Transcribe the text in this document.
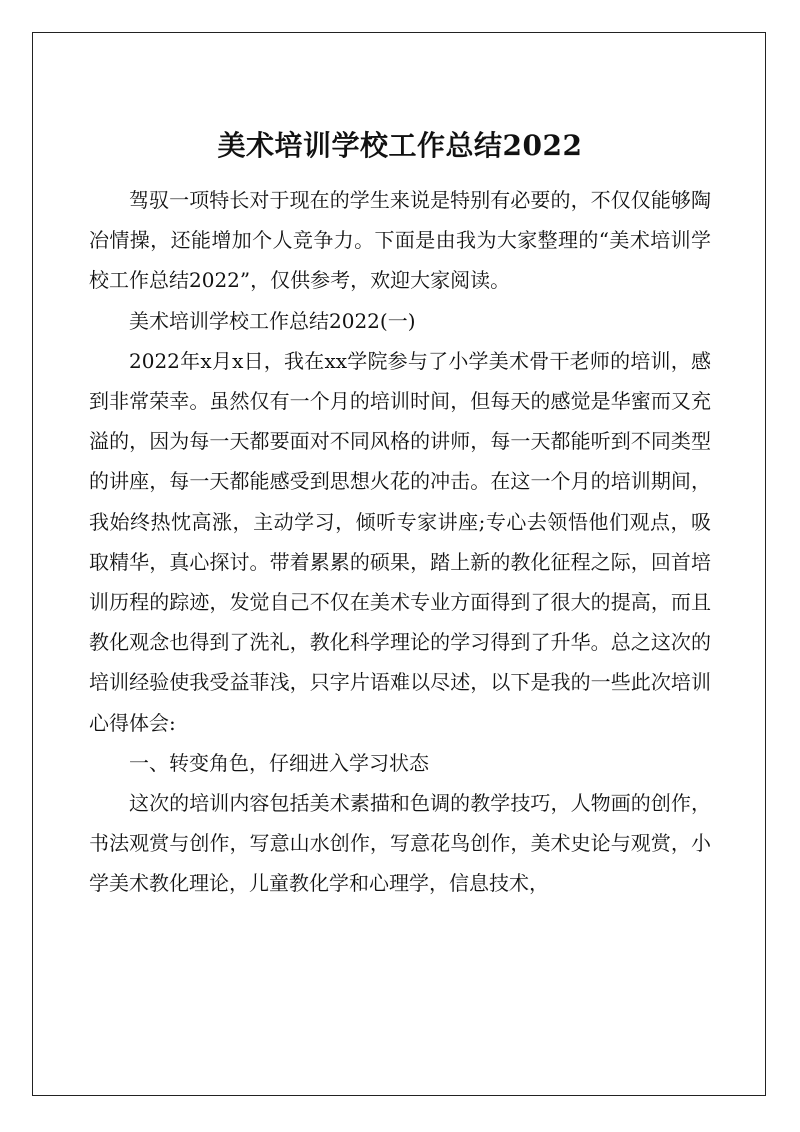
美术培训学校工作总结2022

驾驭一项特长对于现在的学生来说是特别有必要的，不仅仅能够陶冶情操，还能增加个人竞争力。下面是由我为大家整理的“美术培训学校工作总结2022”，仅供参考，欢迎大家阅读。

美术培训学校工作总结2022(一)

2022年x月x日，我在xx学院参与了小学美术骨干老师的培训，感到非常荣幸。虽然仅有一个月的培训时间，但每天的感觉是华蜜而又充溢的，因为每一天都要面对不同风格的讲师，每一天都能听到不同类型的讲座，每一天都能感受到思想火花的冲击。在这一个月的培训期间，我始终热忱高涨，主动学习，倾听专家讲座;专心去领悟他们观点，吸取精华，真心探讨。带着累累的硕果，踏上新的教化征程之际，回首培训历程的踪迹，发觉自己不仅在美术专业方面得到了很大的提高，而且教化观念也得到了洗礼，教化科学理论的学习得到了升华。总之这次的培训经验使我受益菲浅，只字片语难以尽述，以下是我的一些此次培训心得体会:

一、转变角色，仔细进入学习状态

这次的培训内容包括美术素描和色调的教学技巧，人物画的创作，书法观赏与创作，写意山水创作，写意花鸟创作，美术史论与观赏，小学美术教化理论，儿童教化学和心理学，信息技术，
